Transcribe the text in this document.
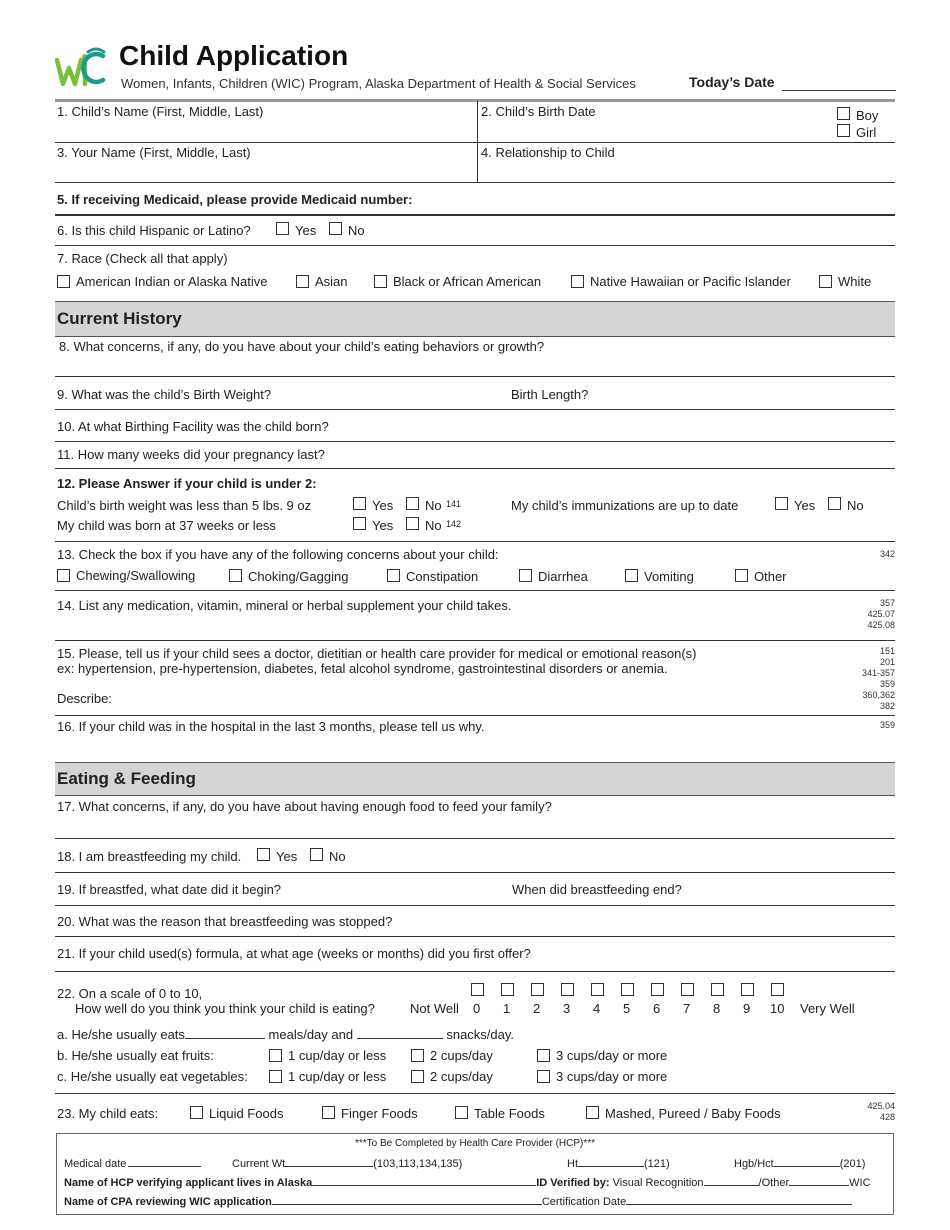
Child Application
Women, Infants, Children (WIC) Program, Alaska Department of Health & Social Services	Today’s Date
1. Child’s Name (First, Middle, Last)	2. Child’s Birth Date	Boy
Girl
3. Your Name (First, Middle, Last)	4. Relationship to Child
5. If receiving Medicaid, please provide Medicaid number:
6. Is this child Hispanic or Latino?	Yes No
7. Race (Check all that apply)
American Indian or Alaska Native	Asian	Black or African American	Native Hawaiian or Pacific Islander	White
Current History
8. What concerns, if any, do you have about your child’s eating behaviors or growth?
9. What was the child’s Birth Weight?	Birth Length?
10. At what Birthing Facility was the child born?
11. How many weeks did your pregnancy last?
12. Please Answer if your child is under 2:
Child’s birth weight was less than 5 lbs. 9 oz	Yes No 141	My child’s immunizations are up to date	Yes No
My child was born at 37 weeks or less	Yes No 142
13. Check the box if you have any of the following concerns about your child:	342
Chewing/Swallowing	Choking/Gagging	Constipation	Diarrhea	Vomiting	Other
14. List any medication, vitamin, mineral or herbal supplement your child takes.	357
425.07
425.08
15. Please, tell us if your child sees a doctor, dietitian or health care provider for medical or emotional reason(s)
ex: hypertension, pre-hypertension, diabetes, fetal alcohol syndrome, gastrointestinal disorders or anemia.
Describe:
151
201
341-357
359
360,362
382
16. If your child was in the hospital in the last 3 months, please tell us why.	359
Eating & Feeding
17. What concerns, if any, do you have about having enough food to feed your family?
18. I am breastfeeding my child.	Yes No
19. If breastfed, what date did it begin?	When did breastfeeding end?
20. What was the reason that breastfeeding was stopped?
21. If your child used(s) formula, at what age (weeks or months) did you first offer?
22. On a scale of 0 to 10,
How well do you think you think your child is eating?	Not Well	Very Well
0 1 2 3 4 5 6 7 8 9 10
a. He/she usually eats	meals/day and	snacks/day.
b. He/she usually eat fruits:	1 cup/day or less	2 cups/day	3 cups/day or more
c. He/she usually eat vegetables:	1 cup/day or less	2 cups/day	3 cups/day or more
23. My child eats:	Liquid Foods	Finger Foods	Table Foods	Mashed, Pureed / Baby Foods	425.04
428
***To Be Completed by Health Care Provider (HCP)***
Medical date	Current Wt	(103,113,134,135)	Ht	(121)	Hgb/Hct	(201)
Name of HCP verifying applicant lives in Alaska	ID Verified by: Visual Recognition	/Other	WIC
Name of CPA reviewing WIC application	Certification Date
